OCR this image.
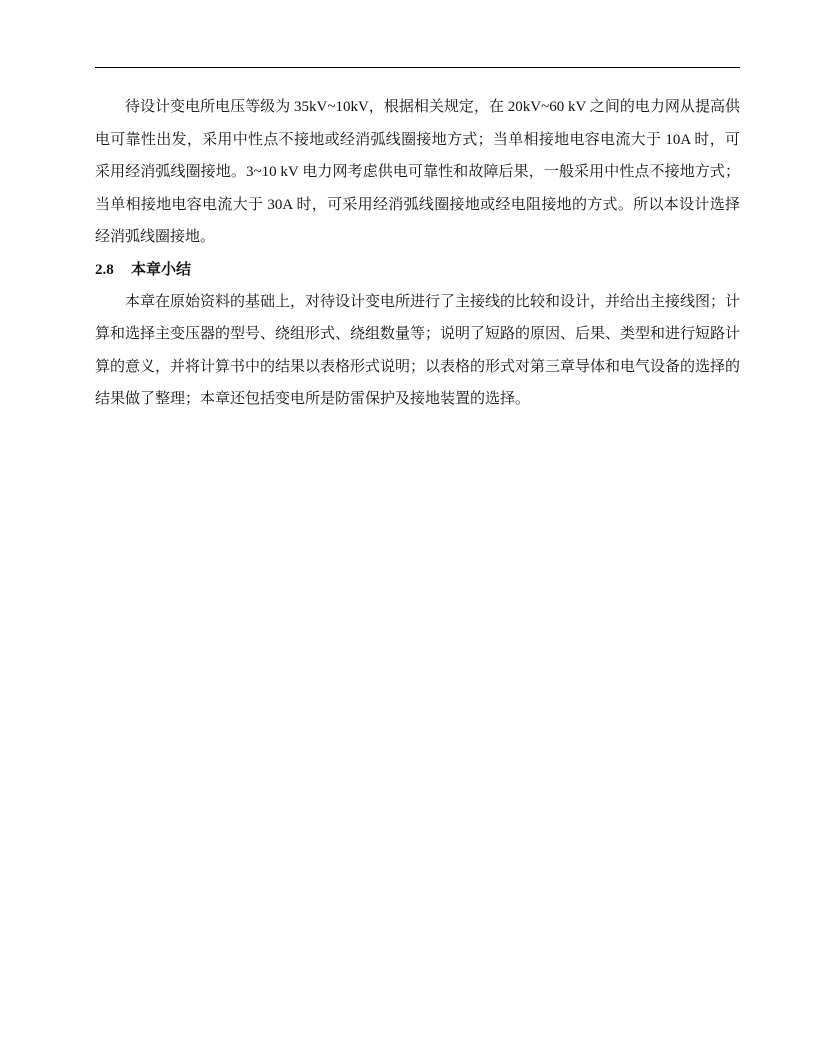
待设计变电所电压等级为 35kV~10kV，根据相关规定，在 20kV~60 kV 之间的电力网从提高供电可靠性出发，采用中性点不接地或经消弧线圈接地方式；当单相接地电容电流大于 10A 时，可采用经消弧线圈接地。3~10 kV 电力网考虑供电可靠性和故障后果，一般采用中性点不接地方式； 当单相接地电容电流大于 30A 时，可采用经消弧线圈接地或经电阻接地的方式。所以本设计选择经消弧线圈接地。

2.8	本章小结

本章在原始资料的基础上，对待设计变电所进行了主接线的比较和设计，并给出主接线图；计算和选择主变压器的型号、绕组形式、绕组数量等；说明了短路的原因、后果、类型和进行短路计算的意义，并将计算书中的结果以表格形式说明；以表格的形式对第三章导体和电气设备的选择的结果做了整理；本章还包括变电所是防雷保护及接地装置的选择。
